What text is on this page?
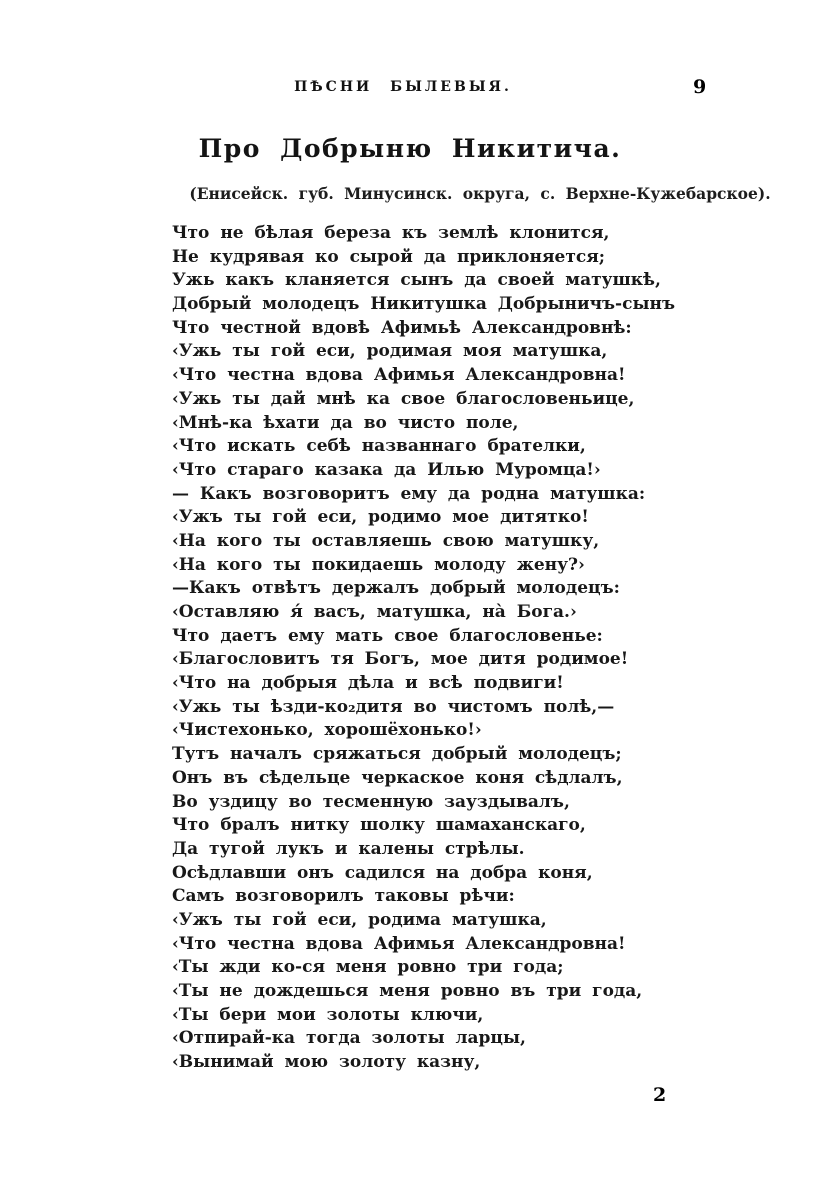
ПѢСНИ БЫЛЕВЫЯ.	9
Про Добрыню Никитича.
(Енисейск. губ. Минусинск. округа, с. Верхне-Кужебарское).
Что не бѣлая береза къ землѣ клонится,
Не кудрявая ко сырой да приклоняется;
Ужь какъ кланяется сынъ да своей матушкѣ,
Добрый молодецъ Никитушка Добрыничъ-сынъ
Что честной вдовѣ Афимьѣ Александровнѣ:
‹Ужь ты гой еси, родимая моя матушка,
‹Что честна вдова Афимья Александровна!
‹Ужь ты дай мнѣ ка свое благословеньице,
‹Мнѣ-ка ѣхати да во чисто поле,
‹Что искать себѣ названнаго брателки,
‹Что стараго казака да Илью Муромца!›
— Какъ возговоритъ ему да родна матушка:
‹Ужъ ты гой еси, родимо мое дитятко!
‹На кого ты оставляешь свою матушку,
‹На кого ты покидаешь молоду жену?›
—Какъ отвѣтъ держалъ добрый молодецъ:
‹Оставляю я́ васъ, матушка, на̀ Бога.›
Что даетъ ему мать свое благословенье:
‹Благословитъ тя Богъ, мое дитя родимое!
‹Что на добрыя дѣла и всѣ подвиги!
‹Ужь ты ѣзди-ко₂дитя во чистомъ полѣ,—
‹Чистехонько, хорошёхонько!›
Тутъ началъ сряжаться добрый молодецъ;
Онъ въ сѣдельце черкаское коня сѣдлалъ,
Во уздицу во тесменную зауздывалъ,
Что бралъ нитку шолку шамаханскаго,
Да тугой лукъ и калены стрѣлы.
Осѣдлавши онъ садился на добра коня,
Самъ возговорилъ таковы рѣчи:
‹Ужъ ты гой еси, родима матушка,
‹Что честна вдова Афимья Александровна!
‹Ты жди ко-ся меня ровно три года;
‹Ты не дождешься меня ровно въ три года,
‹Ты бери мои золоты ключи,
‹Отпирай-ка тогда золоты ларцы,
‹Вынимай мою золоту казну,
2
